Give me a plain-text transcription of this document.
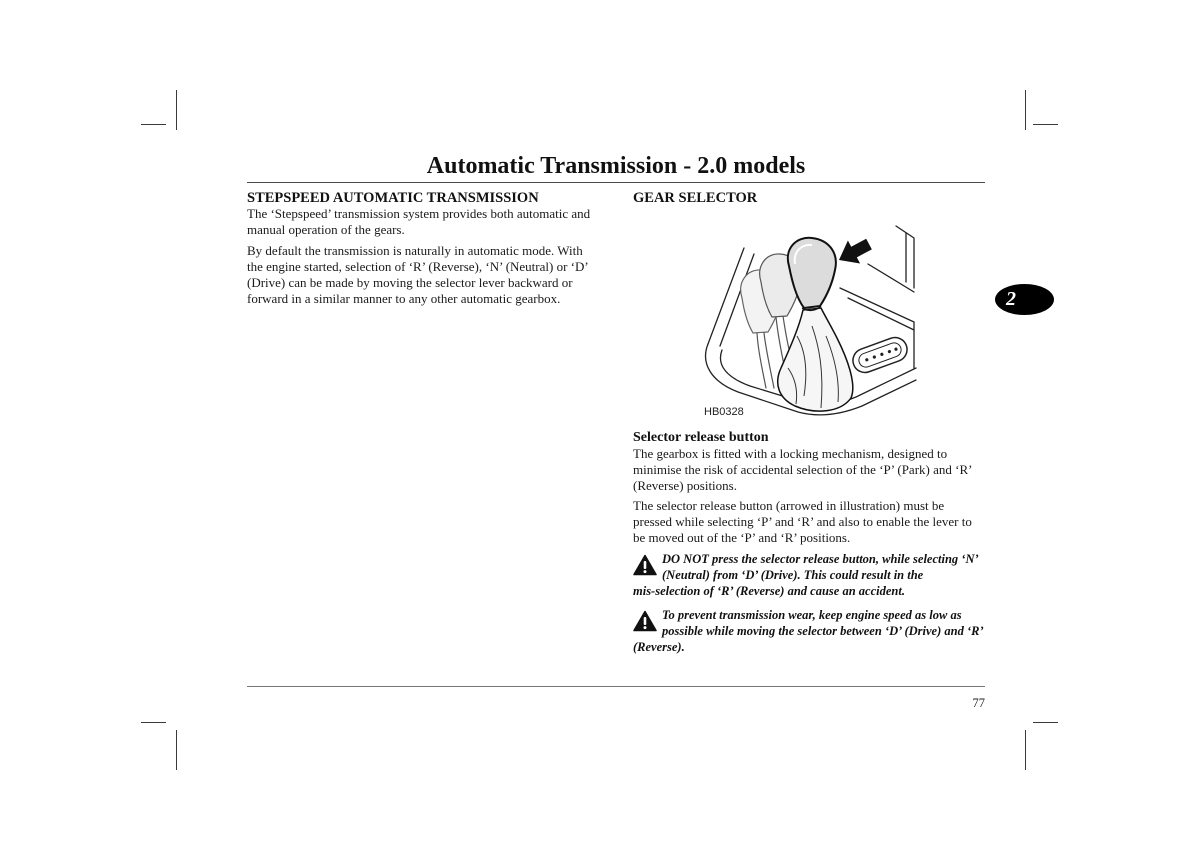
Automatic Transmission - 2.0 models
STEPSPEED AUTOMATIC TRANSMISSION
The ‘Stepspeed’ transmission system provides both automatic and
manual operation of the gears.
By default the transmission is naturally in automatic mode. With
the engine started, selection of ‘R’ (Reverse), ‘N’ (Neutral) or ‘D’
(Drive) can be made by moving the selector lever backward or
forward in a similar manner to any other automatic gearbox.
GEAR SELECTOR
HB0328
Selector release button
The gearbox is fitted with a locking mechanism, designed to
minimise the risk of accidental selection of the ‘P’ (Park) and ‘R’
(Reverse) positions.
The selector release button (arrowed in illustration) must be
pressed while selecting ‘P’ and ‘R’ and also to enable the lever to
be moved out of the ‘P’ and ‘R’ positions.
DO NOT press the selector release button, while selecting ‘N’
(Neutral) from ‘D’ (Drive). This could result in the
mis-selection of ‘R’ (Reverse) and cause an accident.
To prevent transmission wear, keep engine speed as low as
possible while moving the selector between ‘D’ (Drive) and ‘R’
(Reverse).
2
77
